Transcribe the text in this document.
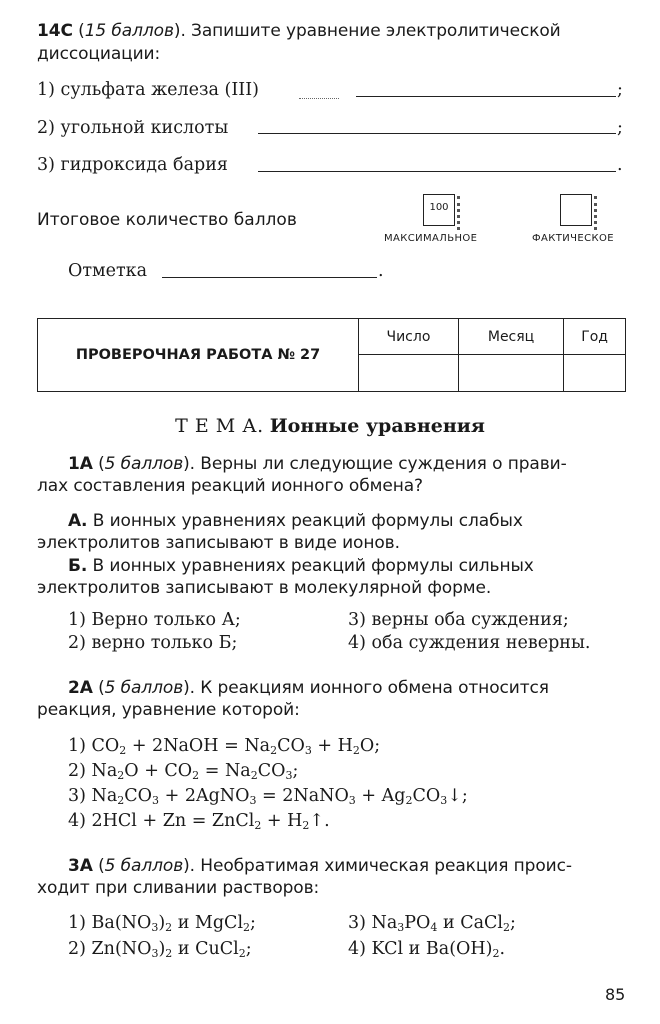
14С (15 баллов). Запишите уравнение электролитической
диссоциации:
1) сульфата железа (III)	;
2) угольной кислоты	;
3) гидроксида бария	.
Итоговое количество баллов
100
МАКСИМАЛЬНОЕ	ФАКТИЧЕСКОЕ
Отметка	.
ПРОВЕРОЧНАЯ РАБОТА № 27	Число	Месяц	Год

Т Е М А. Ионные уравнения
1А (5 баллов). Верны ли следующие суждения о прави-
лах составления реакций ионного обмена?
А. В ионных уравнениях реакций формулы слабых
электролитов записывают в виде ионов.
Б. В ионных уравнениях реакций формулы сильных
электролитов записывают в молекулярной форме.
1) Верно только А;	3) верны оба суждения;
2) верно только Б;	4) оба суждения неверны.
2А (5 баллов). К реакциям ионного обмена относится
реакция, уравнение которой:
1) $CO_2$ + 2NaOH = $Na_2CO_3 + H_2O$;
2) $Na_2O + CO_2 = Na_2CO_3$;
3) $Na_2CO_3$ + 2AgNO$_3$ = 2NaNO$_3$ + $Ag_2CO_3↓$;
4) 2HCl + Zn = ZnCl$_2$ + $H_2↑$.
3А (5 баллов). Необратимая химическая реакция проис-
ходит при сливании растворов:
1) $Ba(NO_3)_2$ и MgCl$_2$;	3) $Na_3PO_4$ и CaCl$_2$;
2) $Zn(NO_3)_2$ и CuCl$_2$;	4) KCl и $Ba(OH)_2$.
85
